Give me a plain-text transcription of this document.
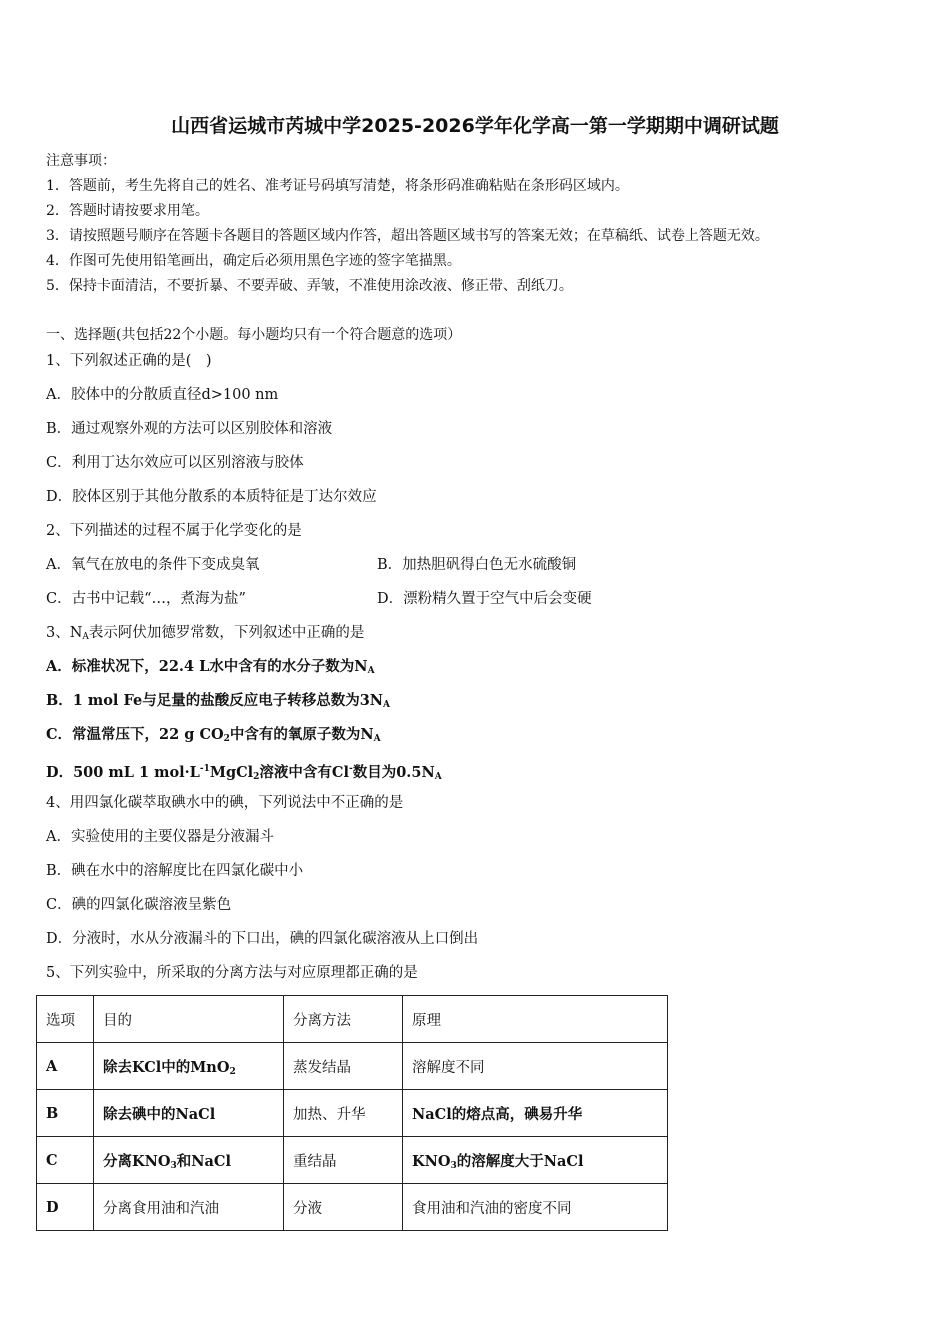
山西省运城市芮城中学2025-2026学年化学高一第一学期期中调研试题
注意事项：
1．答题前，考生先将自己的姓名、准考证号码填写清楚，将条形码准确粘贴在条形码区域内。
2．答题时请按要求用笔。
3．请按照题号顺序在答题卡各题目的答题区域内作答，超出答题区域书写的答案无效；在草稿纸、试卷上答题无效。
4．作图可先使用铅笔画出，确定后必须用黑色字迹的签字笔描黑。
5．保持卡面清洁，不要折暴、不要弄破、弄皱，不准使用涂改液、修正带、刮纸刀。
一、选择题(共包括22个小题。每小题均只有一个符合题意的选项）
1、下列叙述正确的是(　)
A．胶体中的分散质直径d>100 nm
B．通过观察外观的方法可以区别胶体和溶液
C．利用丁达尔效应可以区别溶液与胶体
D．胶体区别于其他分散系的本质特征是丁达尔效应
2、下列描述的过程不属于化学变化的是
A．氧气在放电的条件下变成臭氧	B．加热胆矾得白色无水硫酸铜
C．古书中记载“…，煮海为盐”	D．漂粉精久置于空气中后会变硬
3、$N_A$表示阿伏加德罗常数，下列叙述中正确的是
A．标准状况下，22.4 L水中含有的水分子数为$N_A$
B．1 mol Fe与足量的盐酸反应电子转移总数为$3N_A$
C．常温常压下，22 g $CO_2$中含有的氧原子数为$N_A$
D．500 mL 1 $mol\cdot L^{-1}MgCl_2$溶液中含有Cl-数目为$0.5N_A$
4、用四氯化碳萃取碘水中的碘，下列说法中不正确的是
A．实验使用的主要仪器是分液漏斗
B．碘在水中的溶解度比在四氯化碳中小
C．碘的四氯化碳溶液呈紫色
D．分液时，水从分液漏斗的下口出，碘的四氯化碳溶液从上口倒出
5、下列实验中，所采取的分离方法与对应原理都正确的是
选项	目的	分离方法	原理
A	除去KCl中的MnO$_2$	蒸发结晶	溶解度不同
B	除去碘中的NaCl	加热、升华	NaCl的熔点高，碘易升华
C	分离$KNO_3$和NaCl	重结晶	$KNO_3$的溶解度大于NaCl
D	分离食用油和汽油	分液	食用油和汽油的密度不同
